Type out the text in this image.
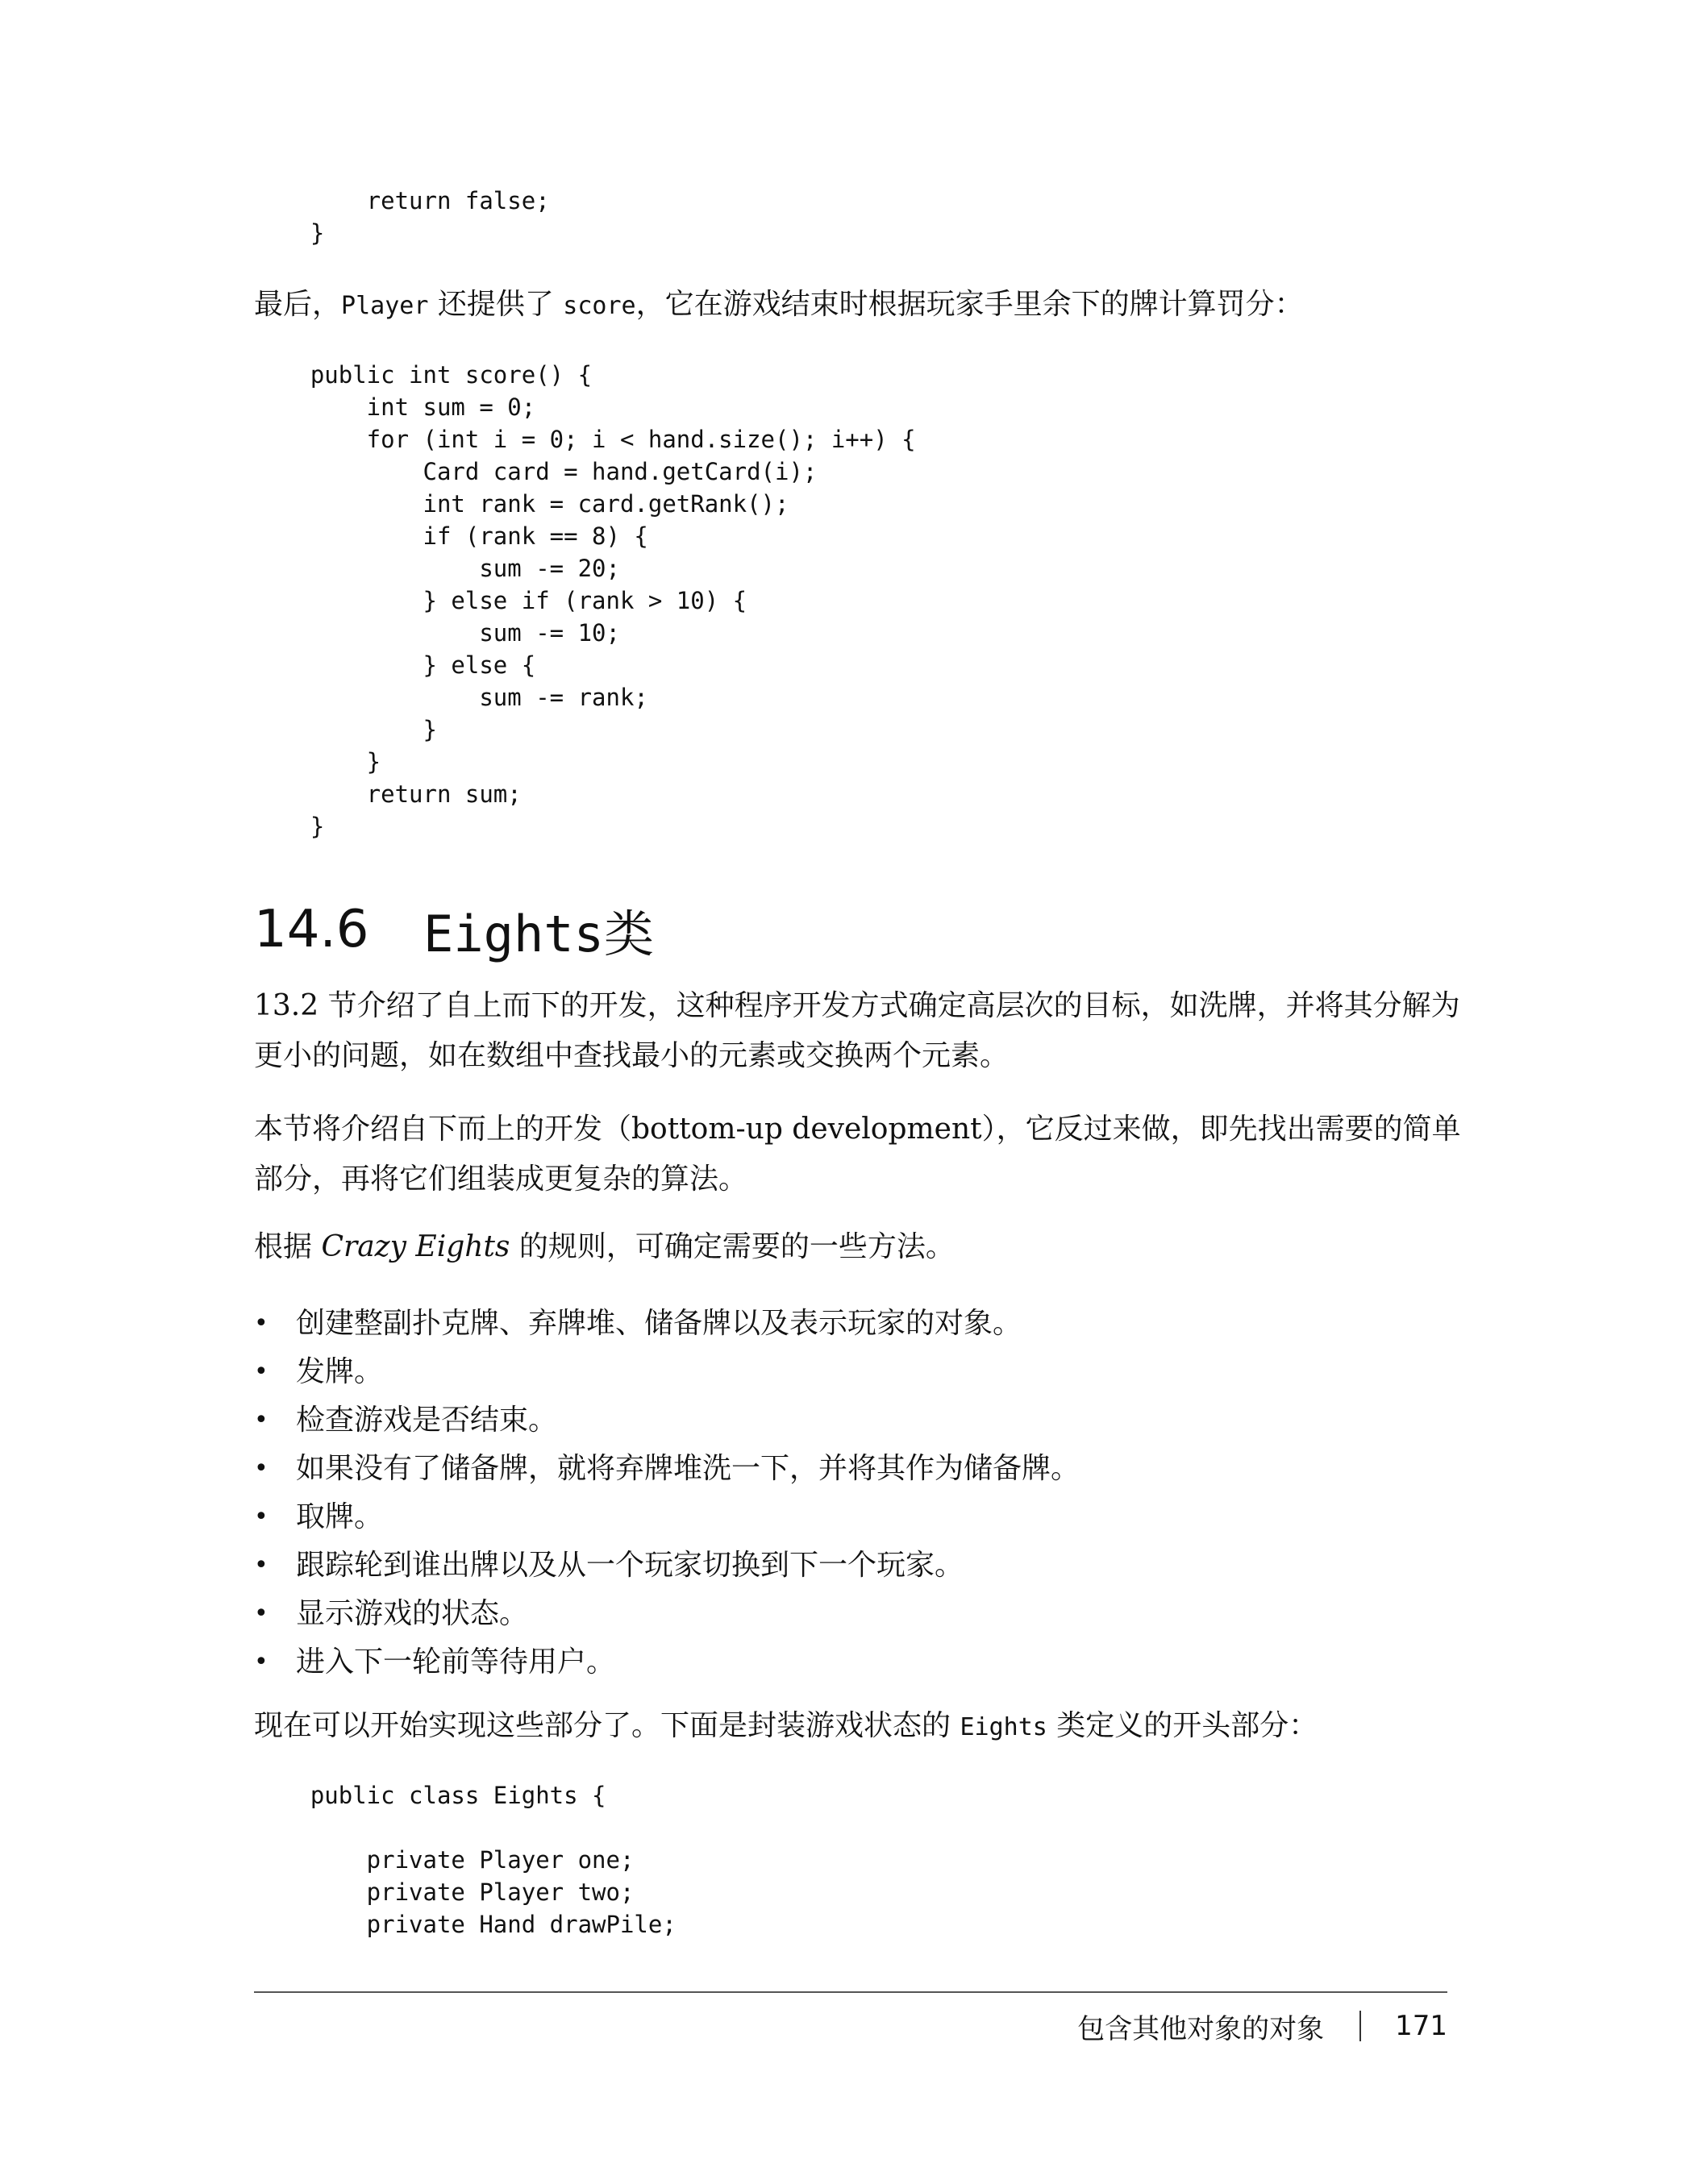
return false;
}

最后，Player 还提供了 score，它在游戏结束时根据玩家手里余下的牌计算罚分：

public int score() {
int sum = 0;
for (int i = 0; i < hand.size(); i++) {
Card card = hand.getCard(i);
int rank = card.getRank();
if (rank == 8) {
sum -= 20;
} else if (rank > 10) {
sum -= 10;
} else {
sum -= rank;
}
}
return sum;
}
14.6	Eights类

13.2 节介绍了自上而下的开发，这种程序开发方式确定高层次的目标，如洗牌，并将其分解为更小的问题，如在数组中查找最小的元素或交换两个元素。

本节将介绍自下而上的开发（bottom-up development），它反过来做，即先找出需要的简单部分，再将它们组装成更复杂的算法。

根据 Crazy Eights 的规则，可确定需要的一些方法。

• 创建整副扑克牌、弃牌堆、储备牌以及表示玩家的对象。
• 发牌。
• 检查游戏是否结束。
• 如果没有了储备牌，就将弃牌堆洗一下，并将其作为储备牌。
• 取牌。
• 跟踪轮到谁出牌以及从一个玩家切换到下一个玩家。
• 显示游戏的状态。
• 进入下一轮前等待用户。

现在可以开始实现这些部分了。下面是封装游戏状态的 Eights 类定义的开头部分：

public class Eights {
private Player one;
private Player two;
private Hand drawPile;
包含其他对象的对象	171
